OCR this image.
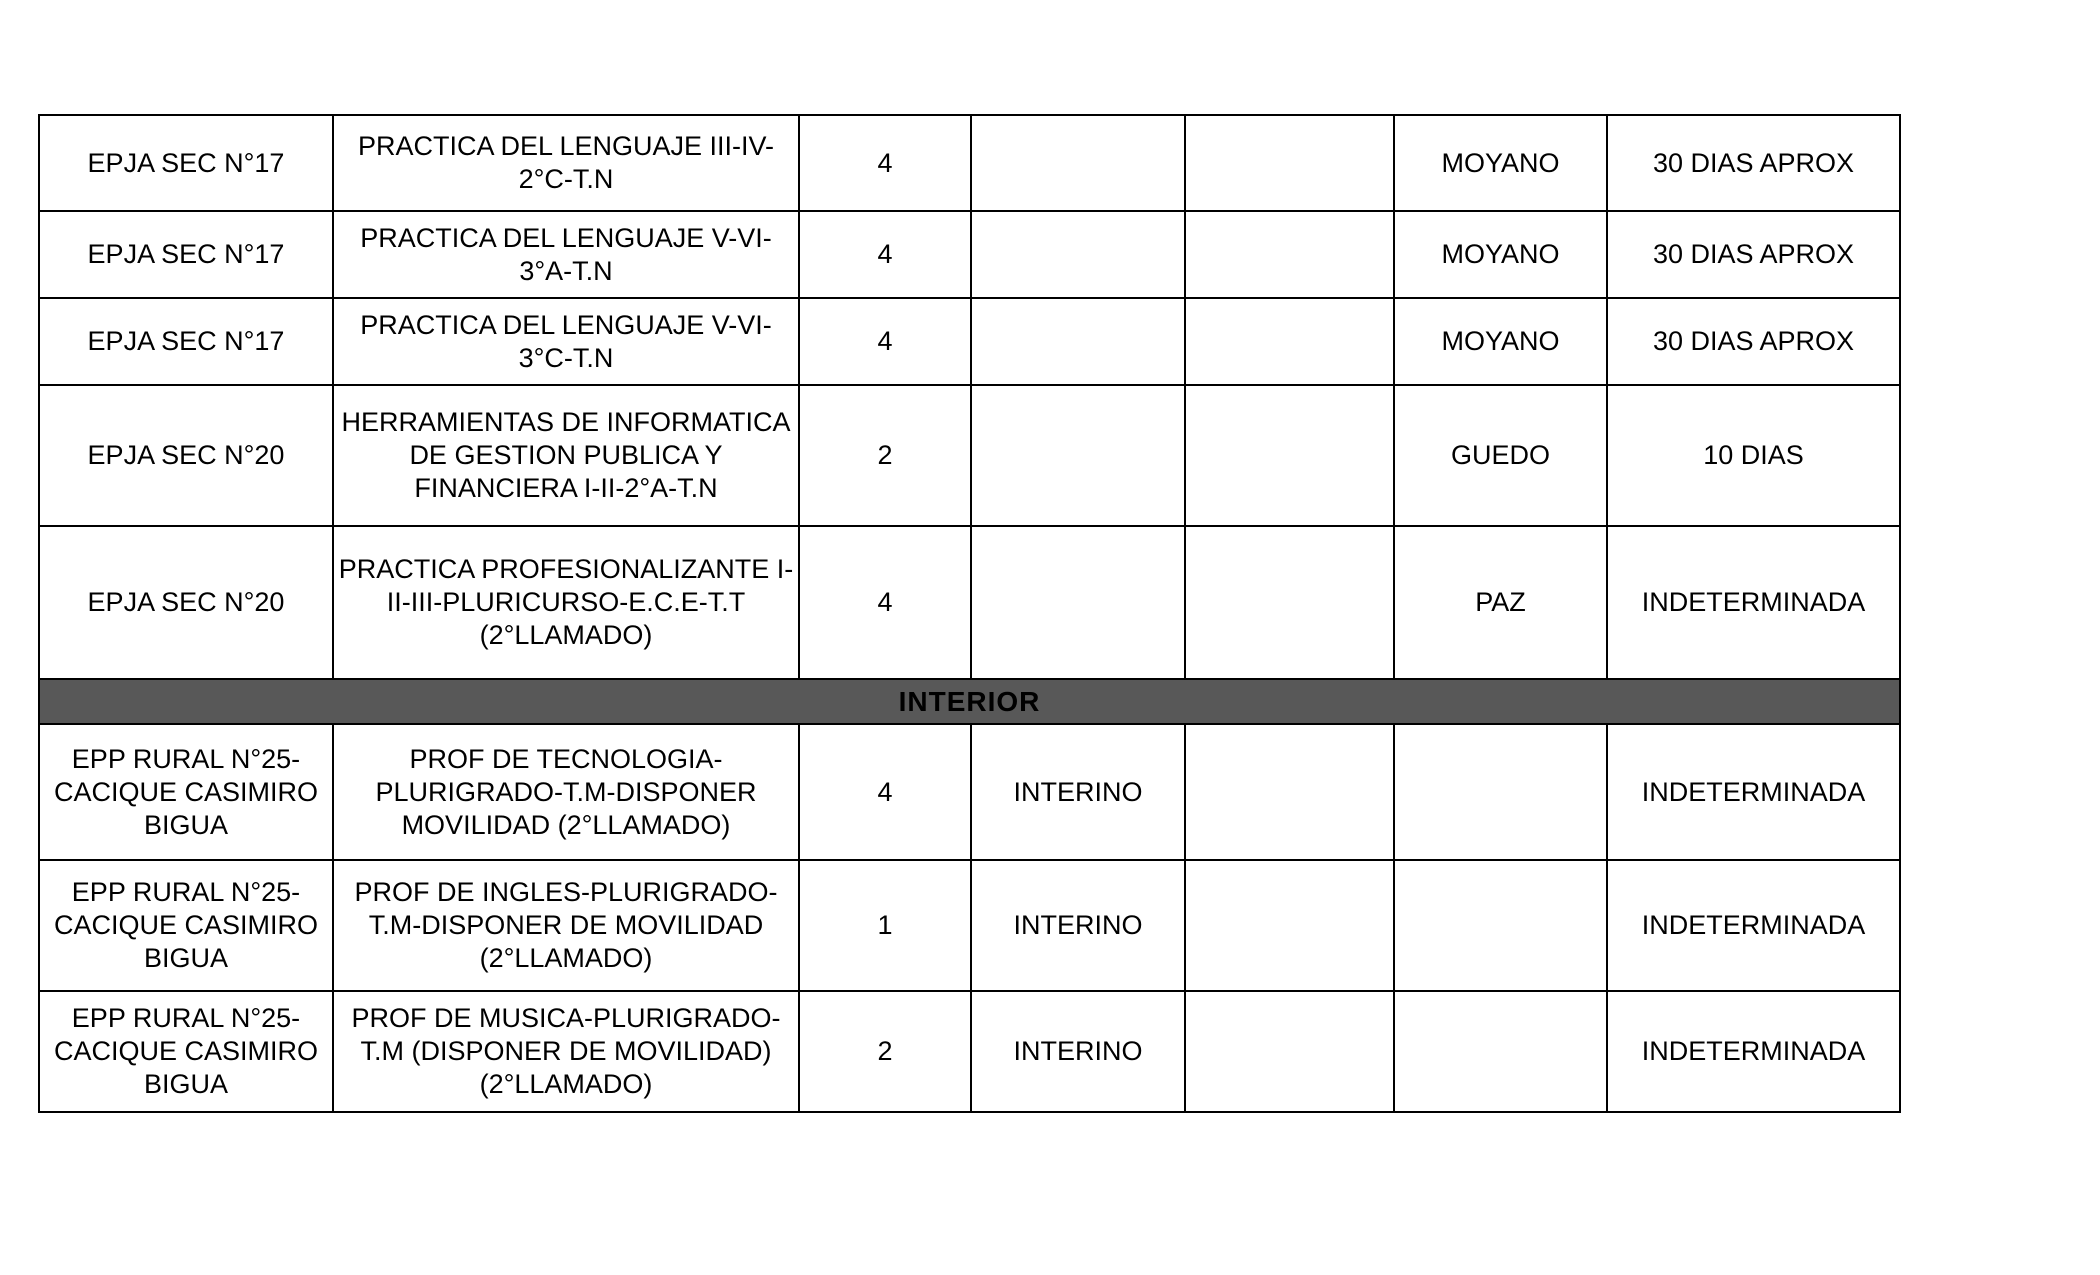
EPJA SEC N°17	PRACTICA DEL LENGUAJE III-IV-2°C-T.N	4			MOYANO	30 DIAS APROX
EPJA SEC N°17	PRACTICA DEL LENGUAJE V-VI-3°A-T.N	4			MOYANO	30 DIAS APROX
EPJA SEC N°17	PRACTICA DEL LENGUAJE V-VI-3°C-T.N	4			MOYANO	30 DIAS APROX
EPJA SEC N°20	HERRAMIENTAS DE INFORMATICA DE GESTION PUBLICA Y FINANCIERA I-II-2°A-T.N	2			GUEDO	10 DIAS
EPJA SEC N°20	PRACTICA PROFESIONALIZANTE I-II-III-PLURICURSO-E.C.E-T.T (2°LLAMADO)	4			PAZ	INDETERMINADA
INTERIOR						
EPP RURAL N°25-CACIQUE CASIMIRO BIGUA	PROF DE TECNOLOGIA-PLURIGRADO-T.M-DISPONER MOVILIDAD (2°LLAMADO)	4	INTERINO			INDETERMINADA
EPP RURAL N°25-CACIQUE CASIMIRO BIGUA	PROF DE INGLES-PLURIGRADO-T.M-DISPONER DE MOVILIDAD (2°LLAMADO)	1	INTERINO			INDETERMINADA
EPP RURAL N°25-CACIQUE CASIMIRO BIGUA	PROF DE MUSICA-PLURIGRADO-T.M (DISPONER DE MOVILIDAD) (2°LLAMADO)	2	INTERINO			INDETERMINADA
